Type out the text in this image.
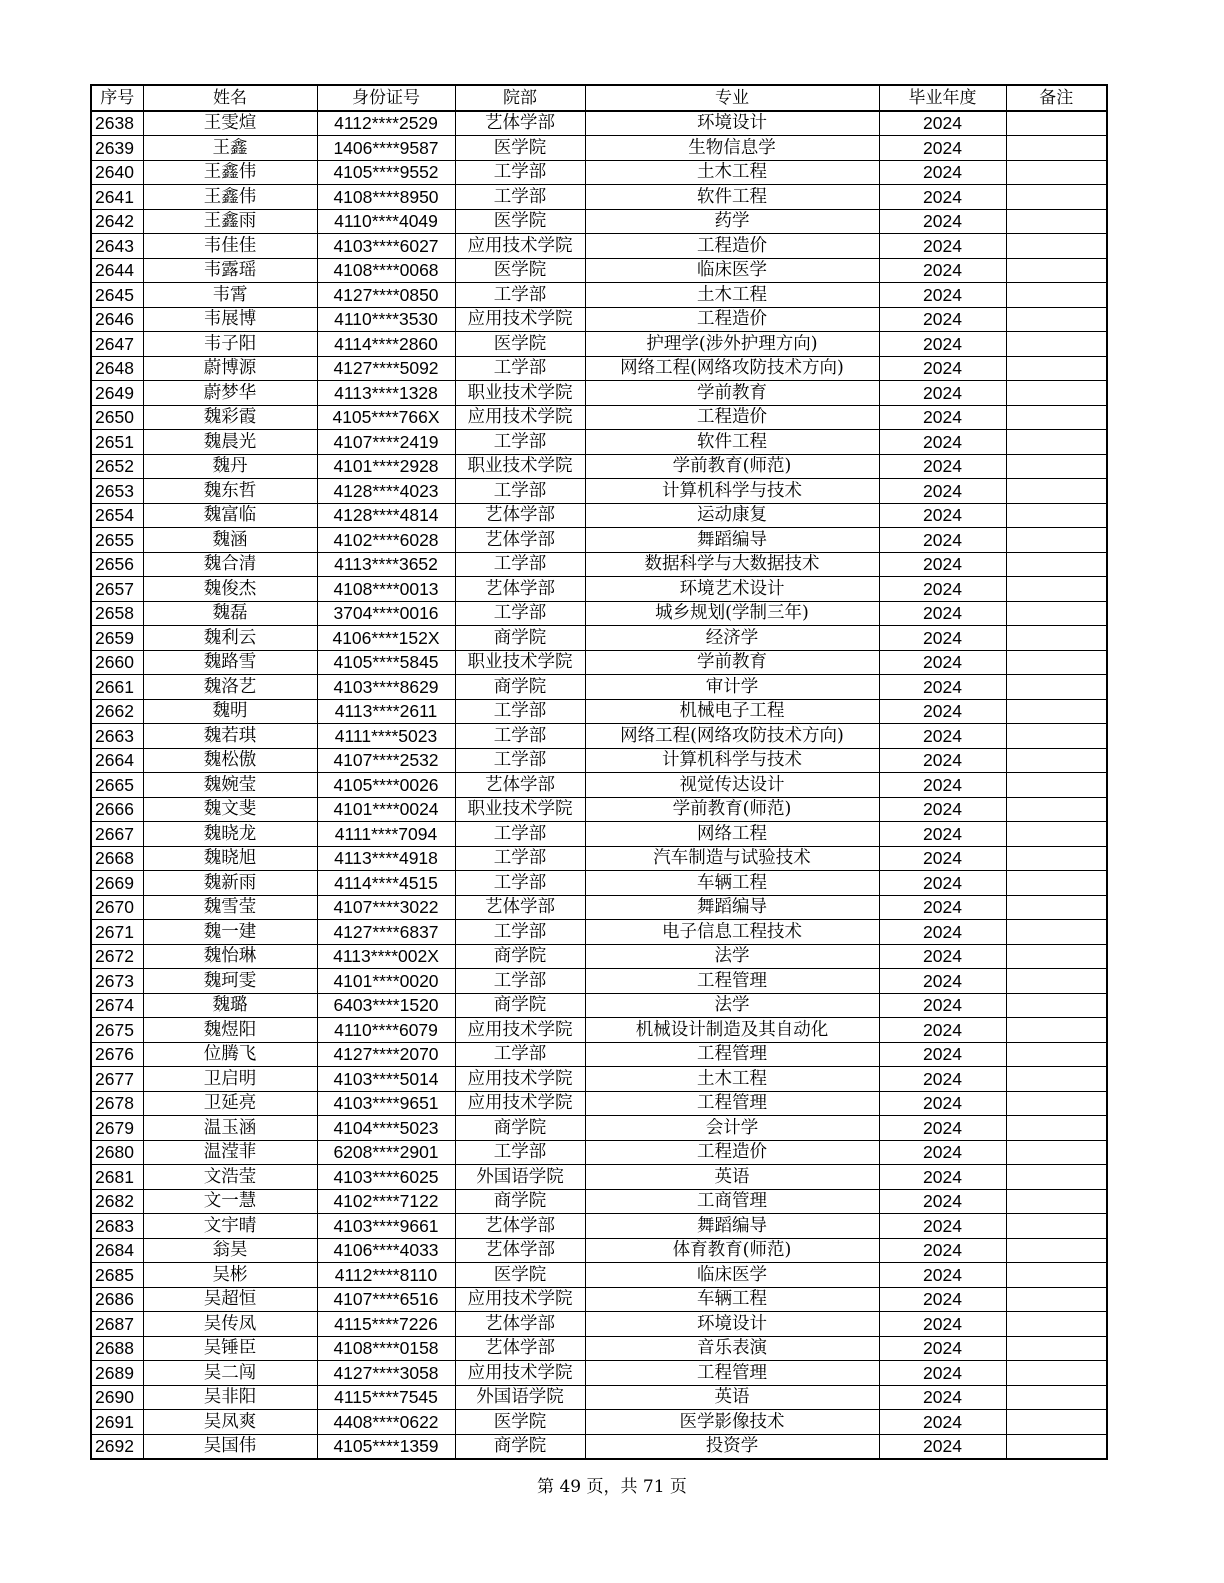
序号	姓名	身份证号	院部	专业	毕业年度	备注
2638	王雯煊	4112****2529	艺体学部	环境设计	2024	
2639	王鑫	1406****9587	医学院	生物信息学	2024	
2640	王鑫伟	4105****9552	工学部	土木工程	2024	
2641	王鑫伟	4108****8950	工学部	软件工程	2024	
2642	王鑫雨	4110****4049	医学院	药学	2024	
2643	韦佳佳	4103****6027	应用技术学院	工程造价	2024	
2644	韦露瑶	4108****0068	医学院	临床医学	2024	
2645	韦霄	4127****0850	工学部	土木工程	2024	
2646	韦展博	4110****3530	应用技术学院	工程造价	2024	
2647	韦子阳	4114****2860	医学院	护理学(涉外护理方向)	2024	
2648	蔚博源	4127****5092	工学部	网络工程(网络攻防技术方向)	2024	
2649	蔚梦华	4113****1328	职业技术学院	学前教育	2024	
2650	魏彩霞	4105****766X	应用技术学院	工程造价	2024	
2651	魏晨光	4107****2419	工学部	软件工程	2024	
2652	魏丹	4101****2928	职业技术学院	学前教育(师范)	2024	
2653	魏东哲	4128****4023	工学部	计算机科学与技术	2024	
2654	魏富临	4128****4814	艺体学部	运动康复	2024	
2655	魏涵	4102****6028	艺体学部	舞蹈编导	2024	
2656	魏合清	4113****3652	工学部	数据科学与大数据技术	2024	
2657	魏俊杰	4108****0013	艺体学部	环境艺术设计	2024	
2658	魏磊	3704****0016	工学部	城乡规划(学制三年)	2024	
2659	魏利云	4106****152X	商学院	经济学	2024	
2660	魏路雪	4105****5845	职业技术学院	学前教育	2024	
2661	魏洛艺	4103****8629	商学院	审计学	2024	
2662	魏明	4113****2611	工学部	机械电子工程	2024	
2663	魏若琪	4111****5023	工学部	网络工程(网络攻防技术方向)	2024	
2664	魏松傲	4107****2532	工学部	计算机科学与技术	2024	
2665	魏婉莹	4105****0026	艺体学部	视觉传达设计	2024	
2666	魏文斐	4101****0024	职业技术学院	学前教育(师范)	2024	
2667	魏晓龙	4111****7094	工学部	网络工程	2024	
2668	魏晓旭	4113****4918	工学部	汽车制造与试验技术	2024	
2669	魏新雨	4114****4515	工学部	车辆工程	2024	
2670	魏雪莹	4107****3022	艺体学部	舞蹈编导	2024	
2671	魏一建	4127****6837	工学部	电子信息工程技术	2024	
2672	魏怡琳	4113****002X	商学院	法学	2024	
2673	魏珂雯	4101****0020	工学部	工程管理	2024	
2674	魏璐	6403****1520	商学院	法学	2024	
2675	魏煜阳	4110****6079	应用技术学院	机械设计制造及其自动化	2024	
2676	位腾飞	4127****2070	工学部	工程管理	2024	
2677	卫启明	4103****5014	应用技术学院	土木工程	2024	
2678	卫延亮	4103****9651	应用技术学院	工程管理	2024	
2679	温玉涵	4104****5023	商学院	会计学	2024	
2680	温滢菲	6208****2901	工学部	工程造价	2024	
2681	文浩莹	4103****6025	外国语学院	英语	2024	
2682	文一慧	4102****7122	商学院	工商管理	2024	
2683	文宇晴	4103****9661	艺体学部	舞蹈编导	2024	
2684	翁昊	4106****4033	艺体学部	体育教育(师范)	2024	
2685	吴彬	4112****8110	医学院	临床医学	2024	
2686	吴超恒	4107****6516	应用技术学院	车辆工程	2024	
2687	吴传凤	4115****7226	艺体学部	环境设计	2024	
2688	吴锤臣	4108****0158	艺体学部	音乐表演	2024	
2689	吴二闯	4127****3058	应用技术学院	工程管理	2024	
2690	吴非阳	4115****7545	外国语学院	英语	2024	
2691	吴凤爽	4408****0622	医学院	医学影像技术	2024	
2692	吴国伟	4105****1359	商学院	投资学	2024	
第 49 页，共 71 页
